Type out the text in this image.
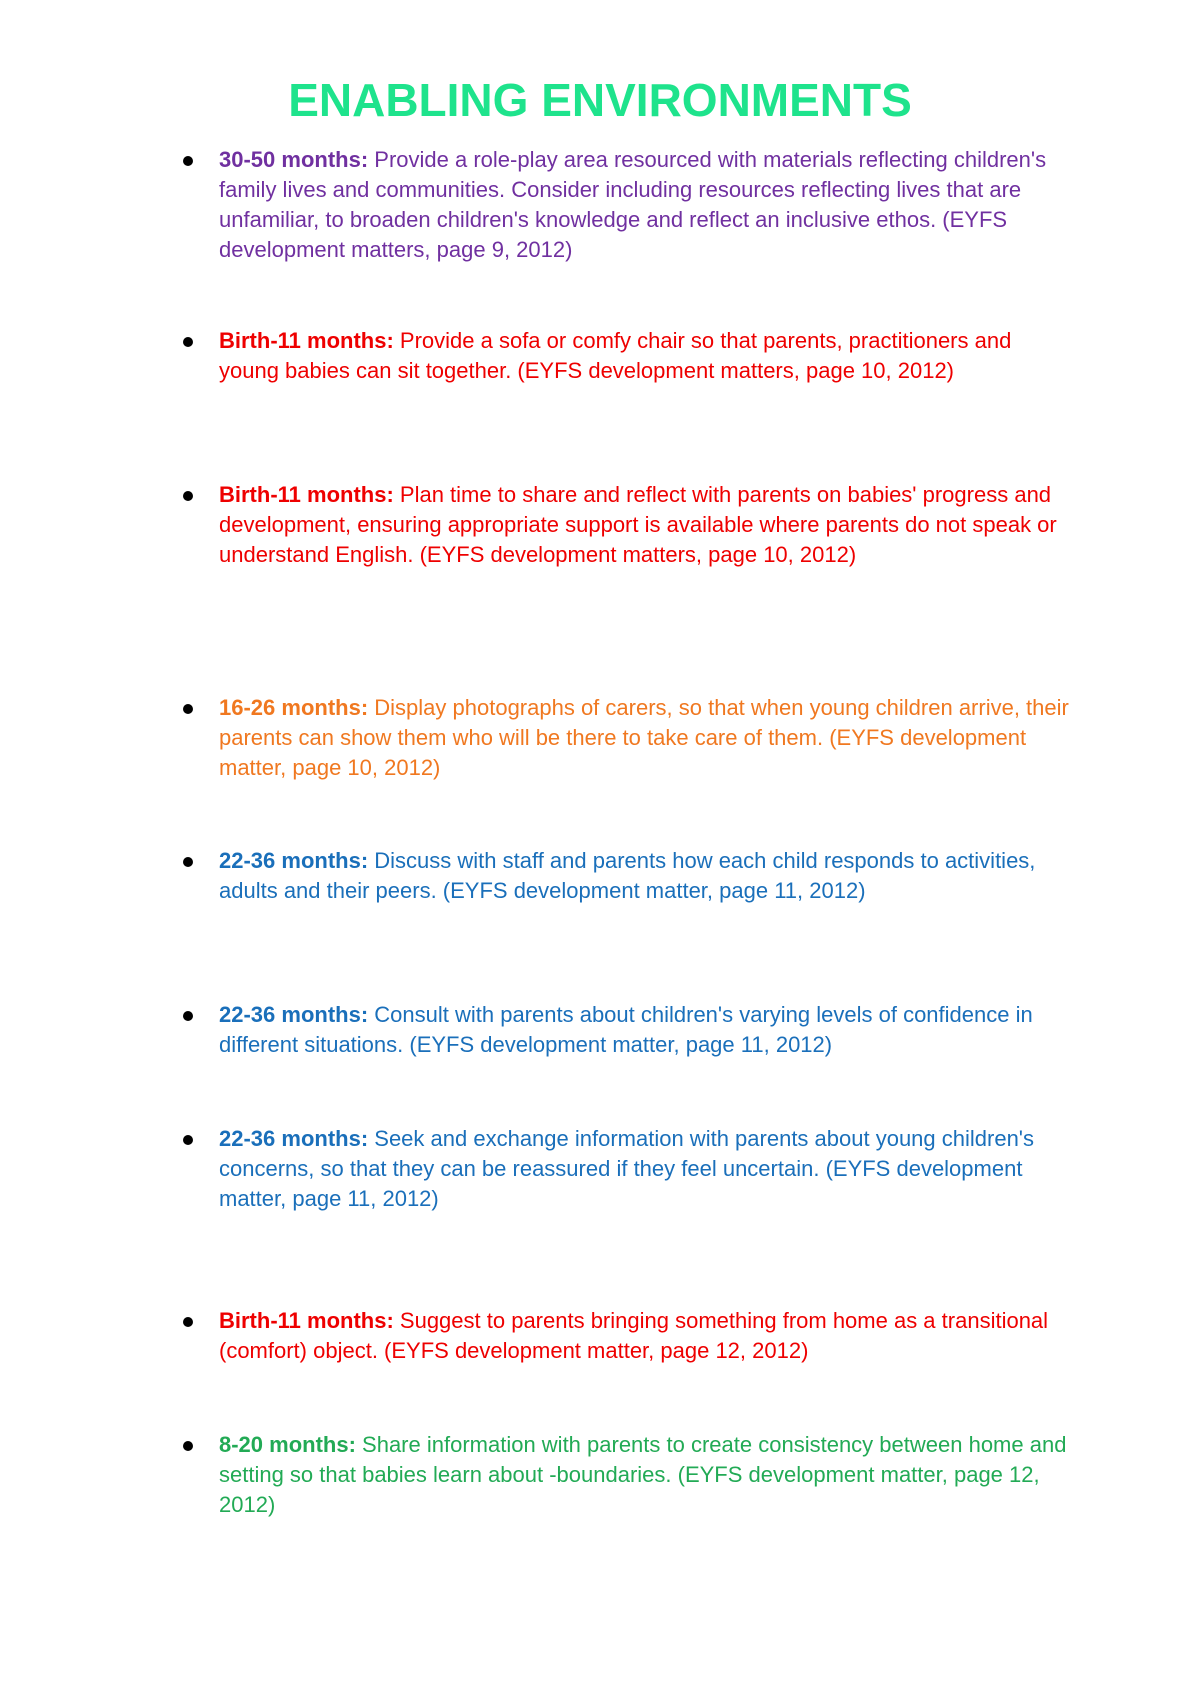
ENABLING ENVIRONMENTS
30-50 months: Provide a role-play area resourced with materials reflecting children's family lives and communities. Consider including resources reflecting lives that are unfamiliar, to broaden children's knowledge and reflect an inclusive ethos. (EYFS development matters, page 9, 2012)
Birth-11 months: Provide a sofa or comfy chair so that parents, practitioners and young babies can sit together. (EYFS development matters, page 10, 2012)
Birth-11 months: Plan time to share and reflect with parents on babies' progress and development, ensuring appropriate support is available where parents do not speak or understand English. (EYFS development matters, page 10, 2012)
16-26 months: Display photographs of carers, so that when young children arrive, their parents can show them who will be there to take care of them. (EYFS development matter, page 10, 2012)
22-36 months: Discuss with staff and parents how each child responds to activities, adults and their peers. (EYFS development matter, page 11, 2012)
22-36 months: Consult with parents about children's varying levels of confidence in different situations. (EYFS development matter, page 11, 2012)
22-36 months: Seek and exchange information with parents about young children's concerns, so that they can be reassured if they feel uncertain. (EYFS development matter, page 11, 2012)
Birth-11 months: Suggest to parents bringing something from home as a transitional (comfort) object. (EYFS development matter, page 12, 2012)
8-20 months: Share information with parents to create consistency between home and setting so that babies learn about -boundaries. (EYFS development matter, page 12, 2012)
